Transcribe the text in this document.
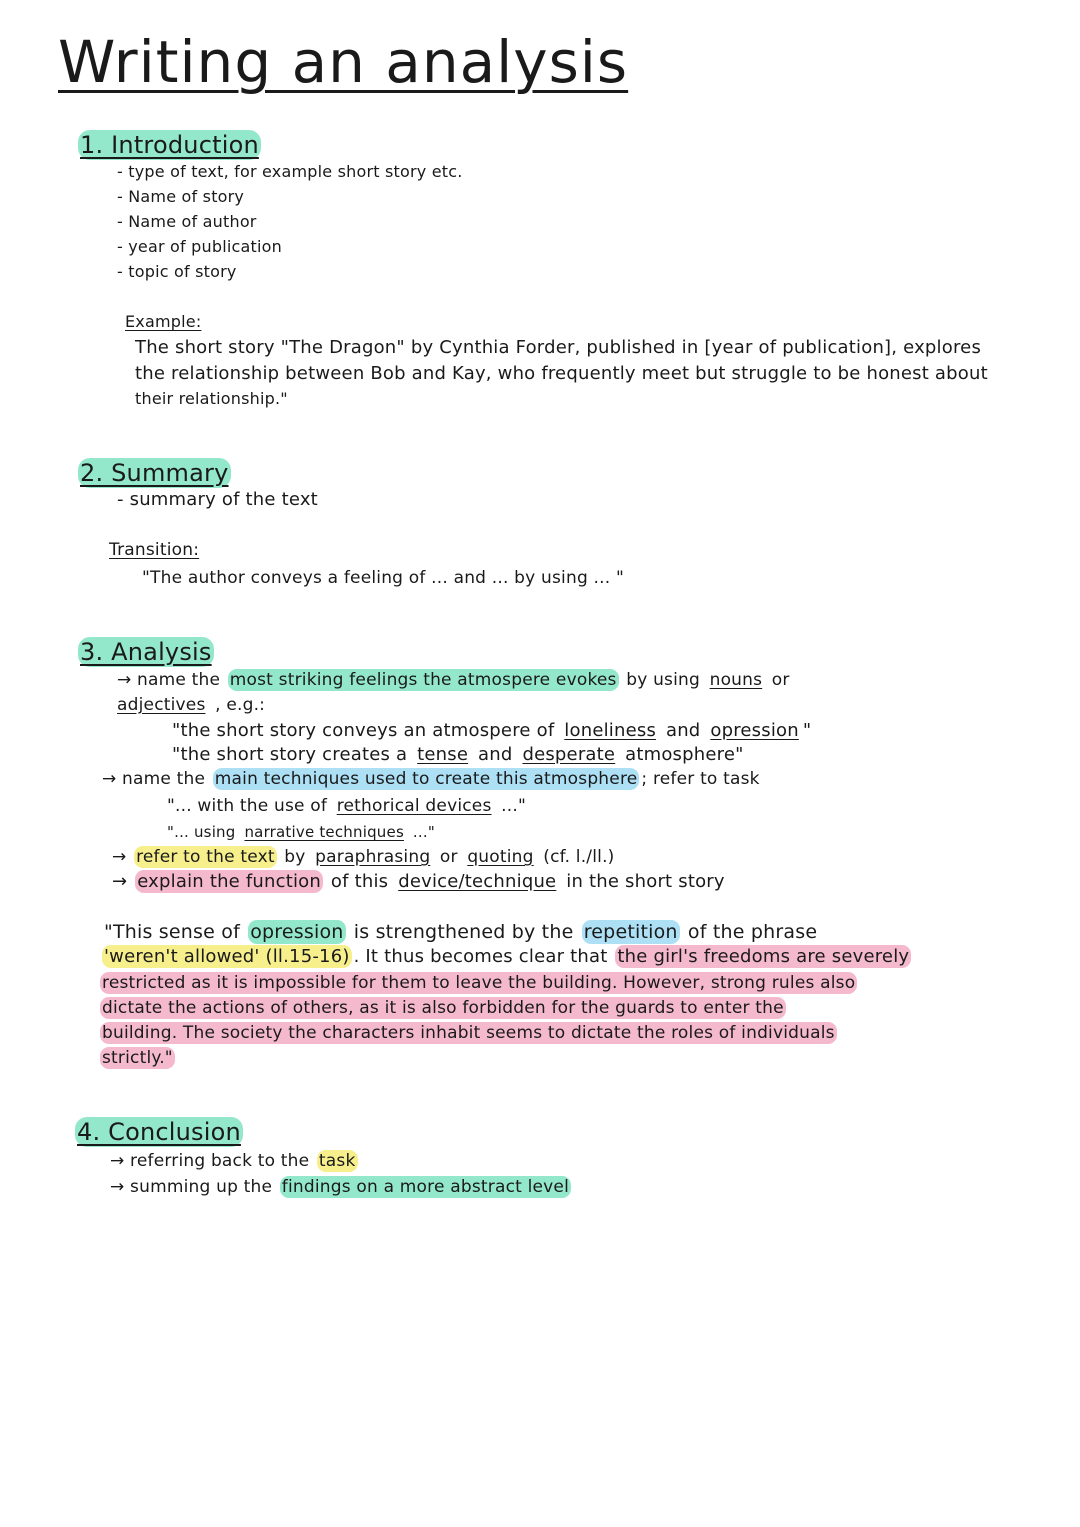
Writing an analysis
1. Introduction
- type of text, for example short story etc.
- Name of story
- Name of author
- year of publication
- topic of story
Example:
The short story "The Dragon" by Cynthia Forder, published in [year of publication], explores
the relationship between Bob and Kay, who frequently meet but struggle to be honest about
their relationship."
2. Summary
- summary of the text
Transition:
"The author conveys a feeling of ... and ... by using ... "
3. Analysis
→ name the most striking feelings the atmospere evokes by using nouns or
adjectives , e.g.:
"the short story conveys an atmospere of loneliness and opression "
"the short story creates a tense and desperate atmosphere"
→ name the main techniques used to create this atmosphere ; refer to task
"... with the use of rethorical devices ..."
"... using narrative techniques ..."
→ refer to the text by paraphrasing or quoting (cf. l./ll.)
→ explain the function of this device/technique in the short story
"This sense of opression is strengthened by the repetition of the phrase
'weren't allowed' (ll.15-16) . It thus becomes clear that the girl's freedoms are severely
restricted as it is impossible for them to leave the building. However, strong rules also
dictate the actions of others, as it is also forbidden for the guards to enter the
building. The society the characters inhabit seems to dictate the roles of individuals
strictly."
4. Conclusion
→ referring back to the task
→ summing up the findings on a more abstract level
